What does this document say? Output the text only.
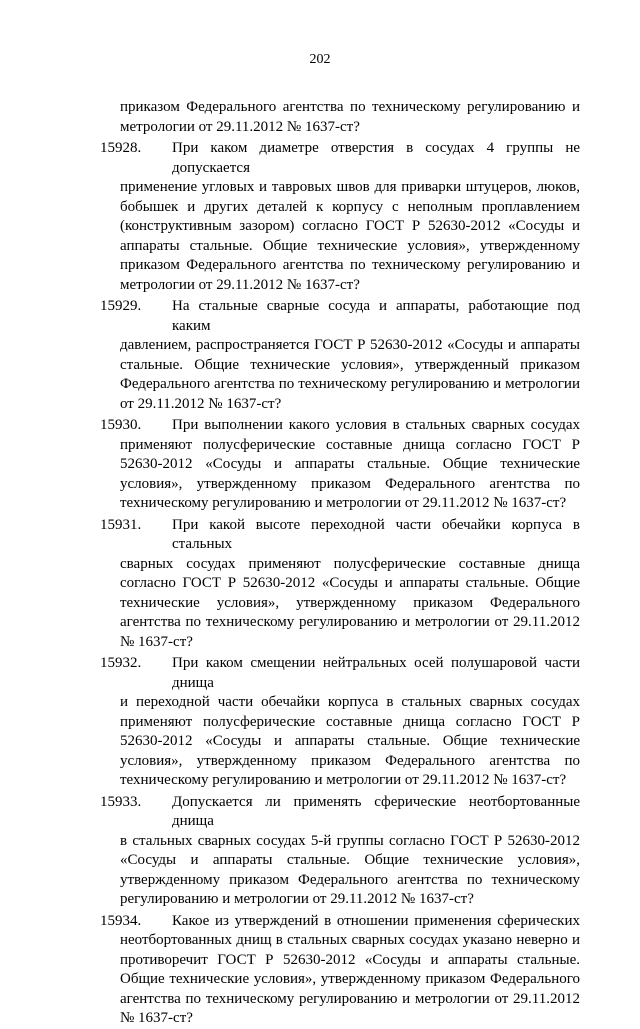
202
приказом Федерального агентства по техническому регулированию и метрологии от 29.11.2012 № 1637-ст?
15928.	При каком диаметре отверстия в сосудах 4 группы не допускается
применение угловых и тавровых швов для приварки штуцеров, люков, бобышек и других деталей к корпусу с неполным проплавлением (конструктивным зазором) согласно ГОСТ Р 52630-2012 «Сосуды и аппараты стальные. Общие технические условия», утвержденному приказом Федерального агентства по техническому регулированию и метрологии от 29.11.2012 № 1637-ст?
15929.	На стальные сварные сосуда и аппараты, работающие под каким
давлением, распространяется ГОСТ Р 52630-2012 «Сосуды и аппараты стальные. Общие технические условия», утвержденный приказом Федерального агентства по техническому регулированию и метрологии от 29.11.2012 № 1637-ст?
15930.	При выполнении какого условия в стальных сварных сосудах
применяют полусферические составные днища согласно ГОСТ Р 52630-2012 «Сосуды и аппараты стальные. Общие технические условия», утвержденному приказом Федерального агентства по техническому регулированию и метрологии от 29.11.2012 № 1637-ст?
15931.	При какой высоте переходной части обечайки корпуса в стальных
сварных сосудах применяют полусферические составные днища согласно ГОСТ Р 52630-2012 «Сосуды и аппараты стальные. Общие технические условия», утвержденному приказом Федерального агентства по техническому регулированию и метрологии от 29.11.2012 № 1637-ст?
15932.	При каком смещении нейтральных осей полушаровой части днища
и переходной части обечайки корпуса в стальных сварных сосудах применяют полусферические составные днища согласно ГОСТ Р 52630-2012 «Сосуды и аппараты стальные. Общие технические условия», утвержденному приказом Федерального агентства по техническому регулированию и метрологии от 29.11.2012 № 1637-ст?
15933.	Допускается ли применять сферические неотбортованные днища
в стальных сварных сосудах 5-й группы согласно ГОСТ Р 52630-2012 «Сосуды и аппараты стальные. Общие технические условия», утвержденному приказом Федерального агентства по техническому регулированию и метрологии от 29.11.2012 № 1637-ст?
15934.	Какое из утверждений в отношении применения сферических
неотбортованных днищ в стальных сварных сосудах указано неверно и противоречит ГОСТ Р 52630-2012 «Сосуды и аппараты стальные. Общие технические условия», утвержденному приказом Федерального агентства по техническому регулированию и метрологии от 29.11.2012 № 1637-ст?
